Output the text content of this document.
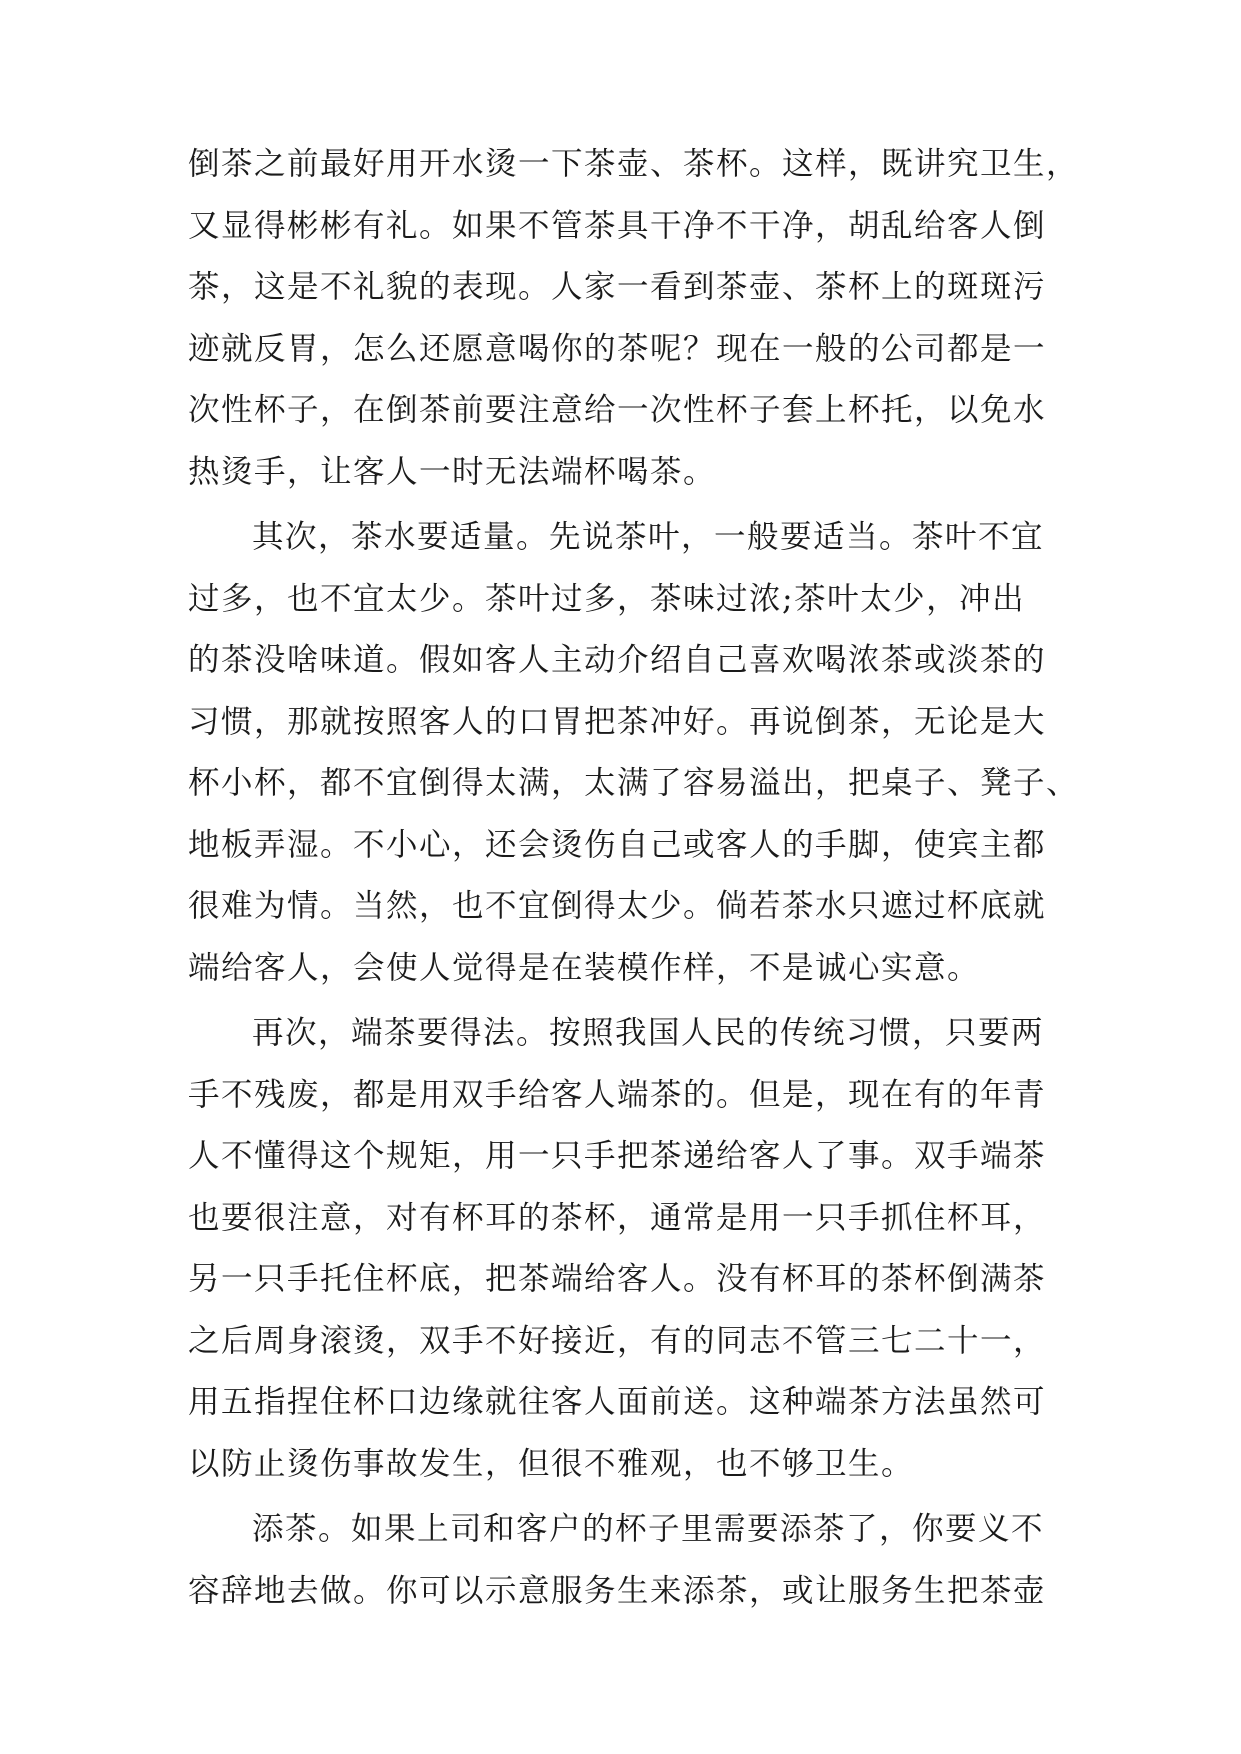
倒茶之前最好用开水烫一下茶壶、茶杯。这样，既讲究卫生，
又显得彬彬有礼。如果不管茶具干净不干净，胡乱给客人倒
茶，这是不礼貌的表现。人家一看到茶壶、茶杯上的斑斑污
迹就反胃，怎么还愿意喝你的茶呢？现在一般的公司都是一
次性杯子，在倒茶前要注意给一次性杯子套上杯托，以免水
热烫手，让客人一时无法端杯喝茶。
其次，茶水要适量。先说茶叶，一般要适当。茶叶不宜
过多，也不宜太少。茶叶过多，茶味过浓;茶叶太少，冲出
的茶没啥味道。假如客人主动介绍自己喜欢喝浓茶或淡茶的
习惯，那就按照客人的口胃把茶冲好。再说倒茶，无论是大
杯小杯，都不宜倒得太满，太满了容易溢出，把桌子、凳子、
地板弄湿。不小心，还会烫伤自己或客人的手脚，使宾主都
很难为情。当然，也不宜倒得太少。倘若茶水只遮过杯底就
端给客人，会使人觉得是在装模作样，不是诚心实意。
再次，端茶要得法。按照我国人民的传统习惯，只要两
手不残废，都是用双手给客人端茶的。但是，现在有的年青
人不懂得这个规矩，用一只手把茶递给客人了事。双手端茶
也要很注意，对有杯耳的茶杯，通常是用一只手抓住杯耳，
另一只手托住杯底，把茶端给客人。没有杯耳的茶杯倒满茶
之后周身滚烫，双手不好接近，有的同志不管三七二十一，
用五指捏住杯口边缘就往客人面前送。这种端茶方法虽然可
以防止烫伤事故发生，但很不雅观，也不够卫生。
添茶。如果上司和客户的杯子里需要添茶了，你要义不
容辞地去做。你可以示意服务生来添茶，或让服务生把茶壶
